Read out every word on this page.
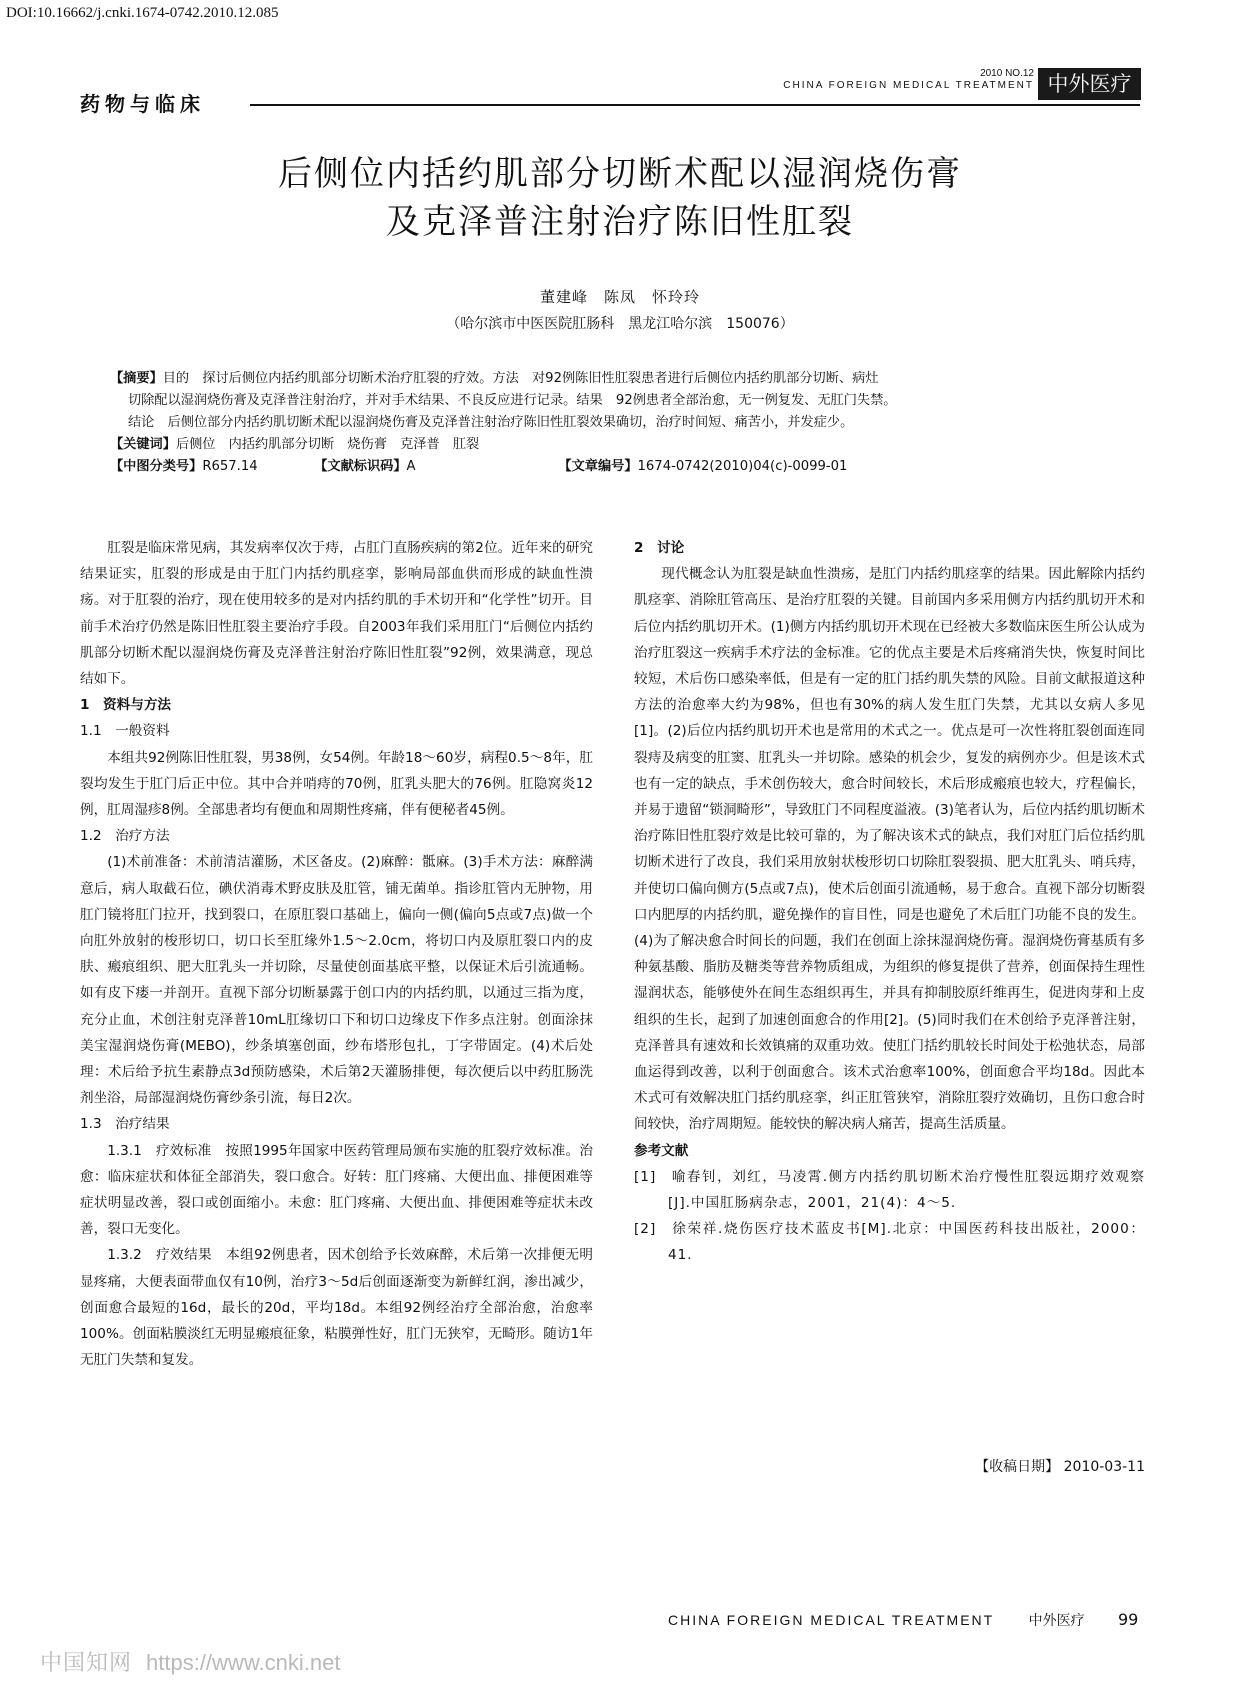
DOI:10.16662/j.cnki.1674-0742.2010.12.085
药物与临床
2010 NO.12
CHINA FOREIGN MEDICAL TREATMENT 中外医疗
后侧位内括约肌部分切断术配以湿润烧伤膏
及克泽普注射治疗陈旧性肛裂
董建峰　陈凤　怀玲玲
（哈尔滨市中医医院肛肠科　黑龙江哈尔滨　150076）

【摘要】目的　探讨后侧位内括约肌部分切断术治疗肛裂的疗效。方法　对92例陈旧性肛裂患者进行后侧位内括约肌部分切断、病灶

切除配以湿润烧伤膏及克泽普注射治疗，并对手术结果、不良反应进行记录。结果　92例患者全部治愈，无一例复发、无肛门失禁。

结论　后侧位部分内括约肌切断术配以湿润烧伤膏及克泽普注射治疗陈旧性肛裂效果确切，治疗时间短、痛苦小，并发症少。

【关键词】后侧位　内括约肌部分切断　烧伤膏　克泽普　肛裂

【中图分类号】R657.14	【文献标识码】A	【文章编号】1674-0742(2010)04(c)-0099-01

肛裂是临床常见病，其发病率仅次于痔，占肛门直肠疾病的第2位。近年来的研究结果证实，肛裂的形成是由于肛门内括约肌痉挛，影响局部血供而形成的缺血性溃疡。对于肛裂的治疗，现在使用较多的是对内括约肌的手术切开和“化学性”切开。目前手术治疗仍然是陈旧性肛裂主要治疗手段。自2003年我们采用肛门“后侧位内括约肌部分切断术配以湿润烧伤膏及克泽普注射治疗陈旧性肛裂”92例，效果满意，现总结如下。

1　资料与方法

1.1　一般资料

本组共92例陈旧性肛裂，男38例，女54例。年龄18～60岁，病程0.5～8年，肛裂均发生于肛门后正中位。其中合并哨痔的70例，肛乳头肥大的76例。肛隐窝炎12例，肛周湿疹8例。全部患者均有便血和周期性疼痛，伴有便秘者45例。

1.2　治疗方法

(1)术前准备：术前清洁灌肠，术区备皮。(2)麻醉：骶麻。(3)手术方法：麻醉满意后，病人取截石位，碘伏消毒术野皮肤及肛管，铺无菌单。指诊肛管内无肿物，用肛门镜将肛门拉开，找到裂口，在原肛裂口基础上，偏向一侧(偏向5点或7点)做一个向肛外放射的梭形切口，切口长至肛缘外1.5～2.0cm，将切口内及原肛裂口内的皮肤、瘢痕组织、肥大肛乳头一并切除，尽量使创面基底平整，以保证术后引流通畅。如有皮下瘘一并剖开。直视下部分切断暴露于创口内的内括约肌，以通过三指为度，充分止血，术创注射克泽普10mL肛缘切口下和切口边缘皮下作多点注射。创面涂抹美宝湿润烧伤膏(MEBO)，纱条填塞创面，纱布塔形包扎，丁字带固定。(4)术后处理：术后给予抗生素静点3d预防感染，术后第2天灌肠排便，每次便后以中药肛肠洗剂坐浴，局部湿润烧伤膏纱条引流，每日2次。

1.3　治疗结果

1.3.1　疗效标准　 按照1995年国家中医药管理局颁布实施的肛裂疗效标准。治愈：临床症状和体征全部消失，裂口愈合。好转：肛门疼痛、大便出血、排便困难等症状明显改善，裂口或创面缩小。未愈：肛门疼痛、大便出血、排便困难等症状未改善，裂口无变化。

1.3.2　疗效结果　 本组92例患者，因术创给予长效麻醉，术后第一次排便无明显疼痛，大便表面带血仅有10例，治疗3～5d后创面逐渐变为新鲜红润，渗出减少，创面愈合最短的16d，最长的20d，平均18d。本组92例经治疗全部治愈，治愈率100%。创面粘膜淡红无明显瘢痕征象，粘膜弹性好，肛门无狭窄，无畸形。随访1年无肛门失禁和复发。

2　讨论

现代概念认为肛裂是缺血性溃疡，是肛门内括约肌痉挛的结果。因此解除内括约肌痉挛、消除肛管高压、是治疗肛裂的关键。目前国内多采用侧方内括约肌切开术和后位内括约肌切开术。(1)侧方内括约肌切开术现在已经被大多数临床医生所公认成为治疗肛裂这一疾病手术疗法的金标准。它的优点主要是术后疼痛消失快，恢复时间比较短，术后伤口感染率低，但是有一定的肛门括约肌失禁的风险。目前文献报道这种方法的治愈率大约为98%，但也有30%的病人发生肛门失禁，尤其以女病人多见[1]。(2)后位内括约肌切开术也是常用的术式之一。优点是可一次性将肛裂创面连同裂痔及病变的肛窦、肛乳头一并切除。感染的机会少，复发的病例亦少。但是该术式也有一定的缺点，手术创伤较大，愈合时间较长，术后形成瘢痕也较大，疗程偏长，并易于遗留“锁洞畸形”，导致肛门不同程度溢液。(3)笔者认为，后位内括约肌切断术治疗陈旧性肛裂疗效是比较可靠的，为了解决该术式的缺点，我们对肛门后位括约肌切断术进行了改良，我们采用放射状梭形切口切除肛裂裂损、肥大肛乳头、哨兵痔，并使切口偏向侧方(5点或7点)，使术后创面引流通畅，易于愈合。直视下部分切断裂口内肥厚的内括约肌，避免操作的盲目性，同是也避免了术后肛门功能不良的发生。(4)为了解决愈合时间长的问题，我们在创面上涂抹湿润烧伤膏。湿润烧伤膏基质有多种氨基酸、脂肪及糖类等营养物质组成，为组织的修复提供了营养，创面保持生理性湿润状态，能够使外在间生态组织再生，并具有抑制胶原纤维再生，促进肉芽和上皮组织的生长，起到了加速创面愈合的作用[2]。(5)同时我们在术创给予克泽普注射，克泽普具有速效和长效镇痛的双重功效。使肛门括约肌较长时间处于松弛状态，局部血运得到改善，以利于创面愈合。该术式治愈率100%，创面愈合平均18d。因此本术式可有效解决肛门括约肌痉挛，纠正肛管狭窄，消除肛裂疗效确切，且伤口愈合时间较快，治疗周期短。能较快的解决病人痛苦，提高生活质量。

参考文献

[1]　喻春钊，刘红，马凌霄.侧方内括约肌切断术治疗慢性肛裂远期疗效观察[J].中国肛肠病杂志，2001，21(4)：4～5.
[2]　徐荣祥.烧伤医疗技术蓝皮书[M].北京：中国医药科技出版社，2000：41.
【收稿日期】 2010-03-11
CHINA FOREIGN MEDICAL TREATMENT 中外医疗	99
中国知网 https://www.cnki.net
